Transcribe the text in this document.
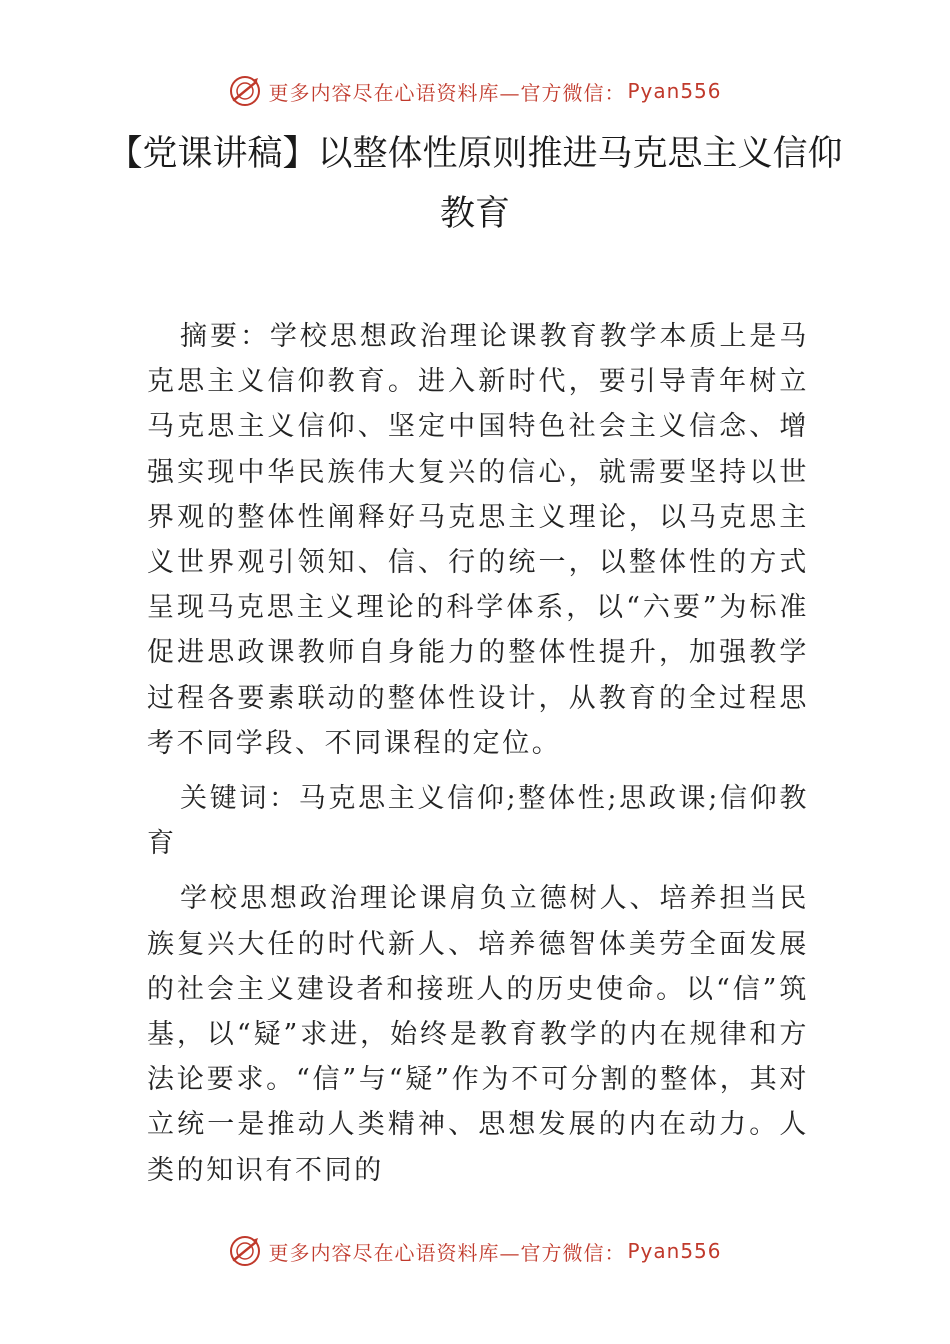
更多内容尽在心语资料库—官方微信： Pyan556
【党课讲稿】以整体性原则推进马克思主义信仰教育

摘要：学校思想政治理论课教育教学本质上是马克思主义信仰教育。进入新时代，要引导青年树立马克思主义信仰、坚定中国特色社会主义信念、增强实现中华民族伟大复兴的信心，就需要坚持以世界观的整体性阐释好马克思主义理论，以马克思主义世界观引领知、信、行的统一，以整体性的方式呈现马克思主义理论的科学体系，以“六要”为标准促进思政课教师自身能力的整体性提升，加强教学过程各要素联动的整体性设计，从教育的全过程思考不同学段、不同课程的定位。

关键词：马克思主义信仰;整体性;思政课;信仰教育

学校思想政治理论课肩负立德树人、培养担当民族复兴大任的时代新人、培养德智体美劳全面发展的社会主义建设者和接班人的历史使命。以“信”筑基，以“疑”求进，始终是教育教学的内在规律和方法论要求。“信”与“疑”作为不可分割的整体，其对立统一是推动人类精神、思想发展的内在动力。人类的知识有不同的

更多内容尽在心语资料库—官方微信： Pyan556
